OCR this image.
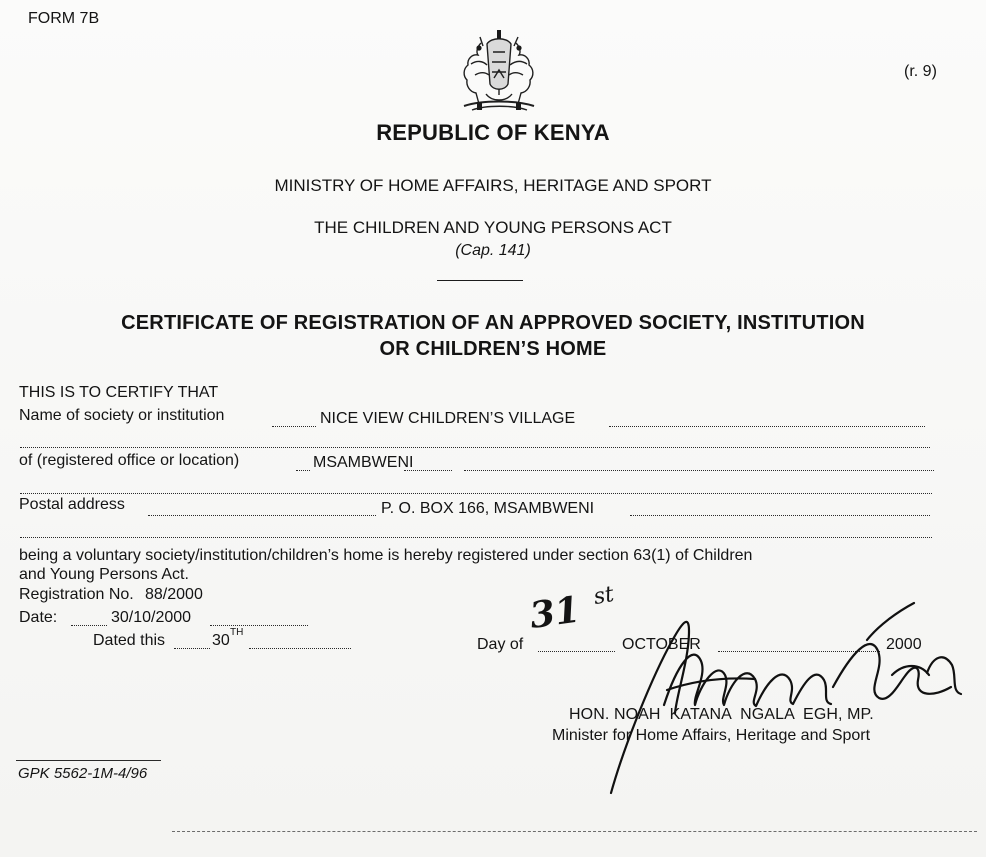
FORM 7B
(r. 9)
REPUBLIC OF KENYA
MINISTRY OF HOME AFFAIRS, HERITAGE AND SPORT
THE CHILDREN AND YOUNG PERSONS ACT
(Cap. 141)
CERTIFICATE OF REGISTRATION OF AN APPROVED SOCIETY, INSTITUTION
OR CHILDREN’S HOME
THIS IS TO CERTIFY THAT
Name of society or institution	NICE VIEW CHILDREN’S VILLAGE
of (registered office or location)	MSAMBWENI
Postal address	P. O. BOX 166, MSAMBWENI
being a voluntary society/institution/children’s home is hereby registered under section 63(1) of Children
and Young Persons Act.
Registration No. 88/2000
Date:	30/10/2000
Dated this	30 TH
Day of
31 st
OCTOBER	2000
HON. NOAH  KATANA  NGALA  EGH, MP.
Minister for Home Affairs, Heritage and Sport
GPK 5562-1M-4/96
